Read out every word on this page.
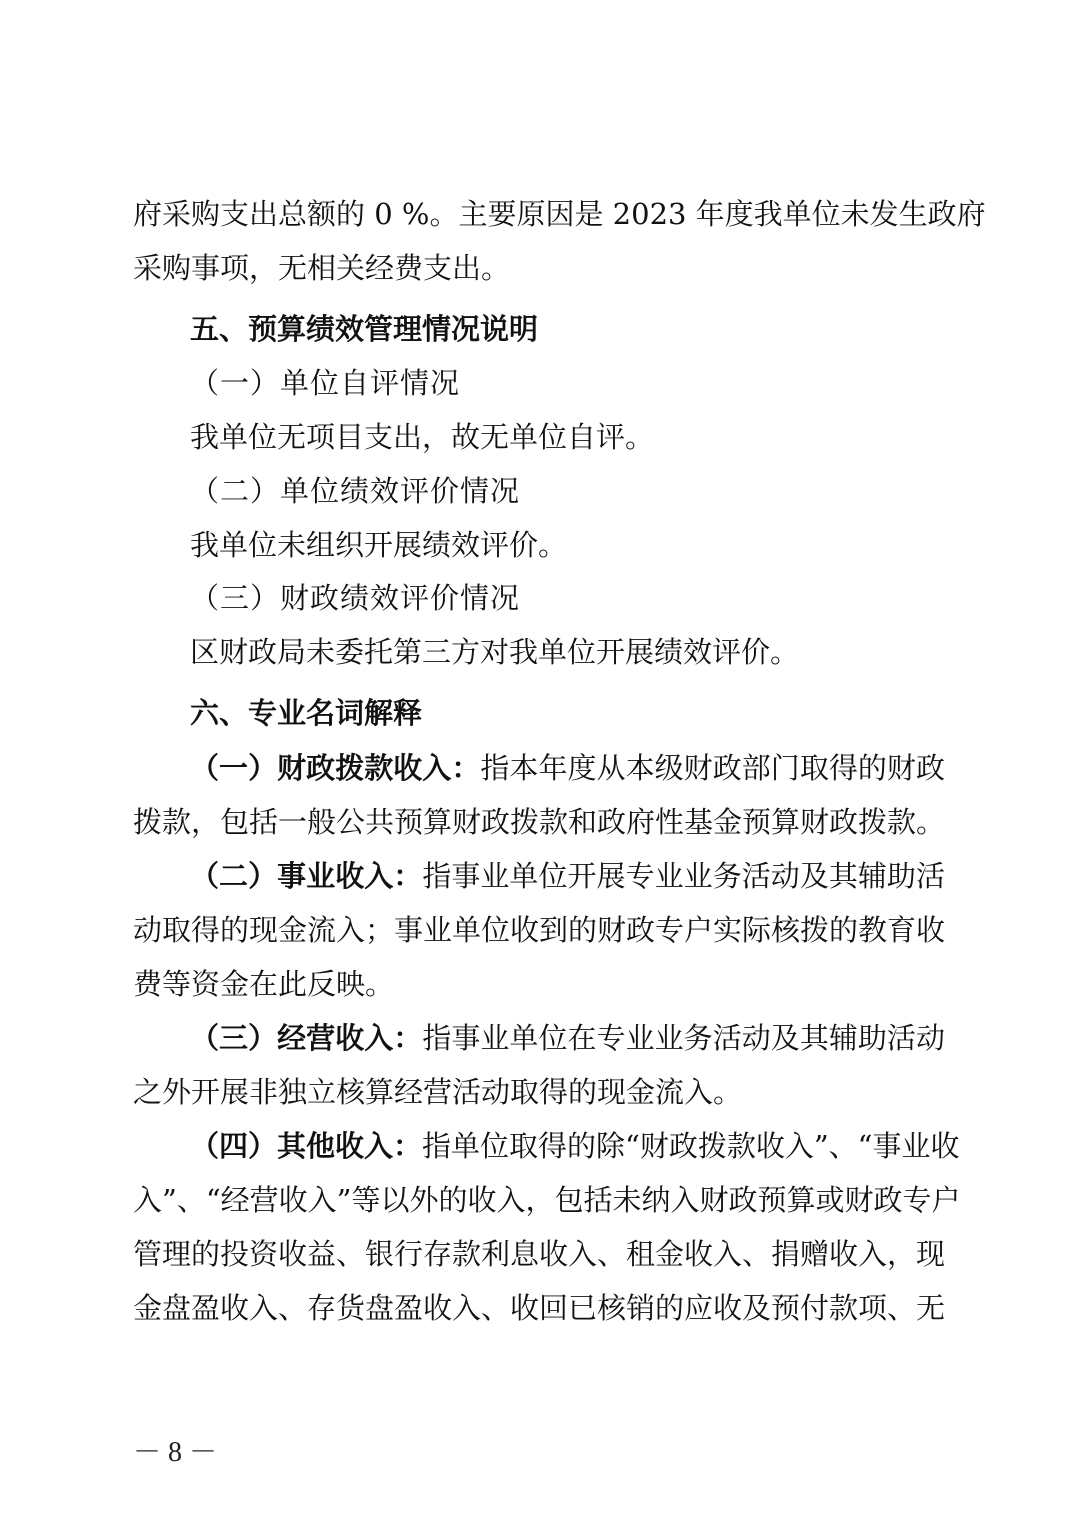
府采购支出总额的 0 %。主要原因是 2023 年度我单位未发生政府
采购事项，无相关经费支出。
五、预算绩效管理情况说明
（一）单位自评情况
我单位无项目支出，故无单位自评。
（二）单位绩效评价情况
我单位未组织开展绩效评价。
（三）财政绩效评价情况
区财政局未委托第三方对我单位开展绩效评价。
六、专业名词解释
（一）财政拨款收入：指本年度从本级财政部门取得的财政
拨款，包括一般公共预算财政拨款和政府性基金预算财政拨款。
（二）事业收入：指事业单位开展专业业务活动及其辅助活
动取得的现金流入；事业单位收到的财政专户实际核拨的教育收
费等资金在此反映。
（三）经营收入：指事业单位在专业业务活动及其辅助活动
之外开展非独立核算经营活动取得的现金流入。
（四）其他收入：指单位取得的除“财政拨款收入”、“事业收
入”、“经营收入”等以外的收入，包括未纳入财政预算或财政专户
管理的投资收益、银行存款利息收入、租金收入、捐赠收入，现
金盘盈收入、存货盘盈收入、收回已核销的应收及预付款项、无
－ 8 －
